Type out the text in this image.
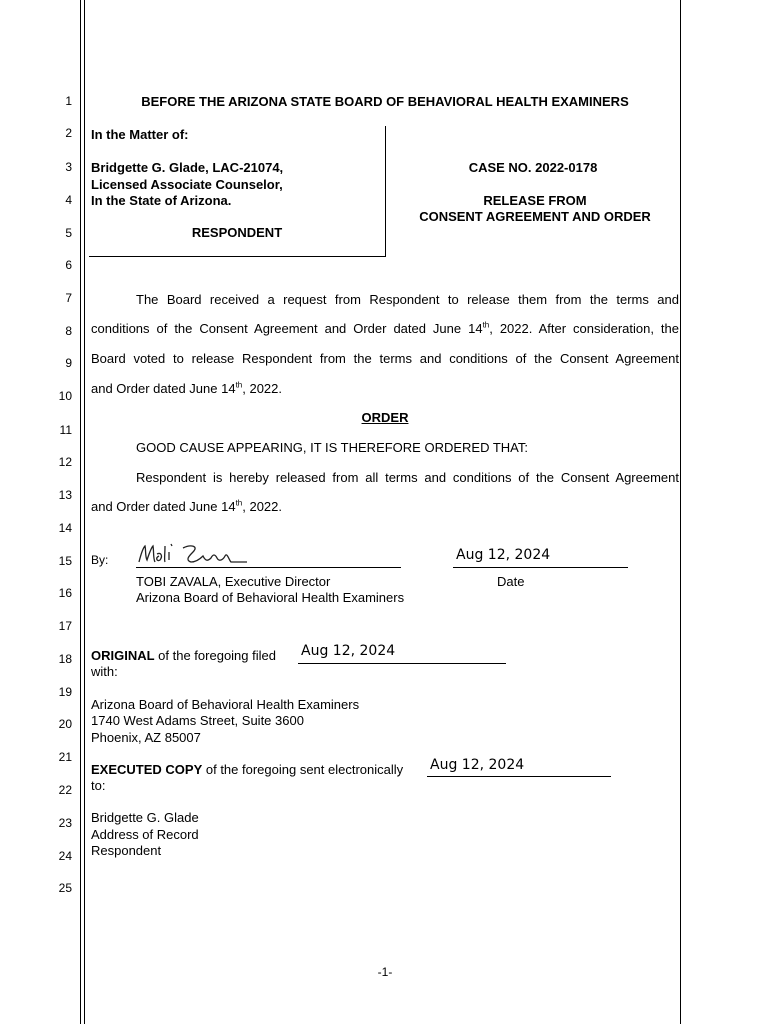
1
2
3
4
5
6
7
8
9
10
11
12
13
14
15
16
17
18
19
20
21
22
23
24
25
BEFORE THE ARIZONA STATE BOARD OF BEHAVIORAL HEALTH EXAMINERS
In the Matter of:
Bridgette G. Glade, LAC-21074,
Licensed Associate Counselor,
In the State of Arizona.
RESPONDENT
CASE NO. 2022-0178
RELEASE FROM
CONSENT AGREEMENT AND ORDER
The Board received a request from Respondent to release them from the terms and
conditions of the Consent Agreement and Order dated June 14th, 2022. After consideration, the
Board voted to release Respondent from the terms and conditions of the Consent Agreement
and Order dated June 14th, 2022.
ORDER
GOOD CAUSE APPEARING, IT IS THEREFORE ORDERED THAT:
Respondent is hereby released from all terms and conditions of the Consent Agreement
and Order dated June 14th, 2022.
By:	Aug 12, 2024
TOBI ZAVALA, Executive Director
Arizona Board of Behavioral Health Examiners
Date
ORIGINAL of the foregoing filed Aug 12, 2024
with:
Arizona Board of Behavioral Health Examiners
1740 West Adams Street, Suite 3600
Phoenix, AZ 85007
EXECUTED COPY of the foregoing sent electronically Aug 12, 2024
to:
Bridgette G. Glade
Address of Record
Respondent
-1-
